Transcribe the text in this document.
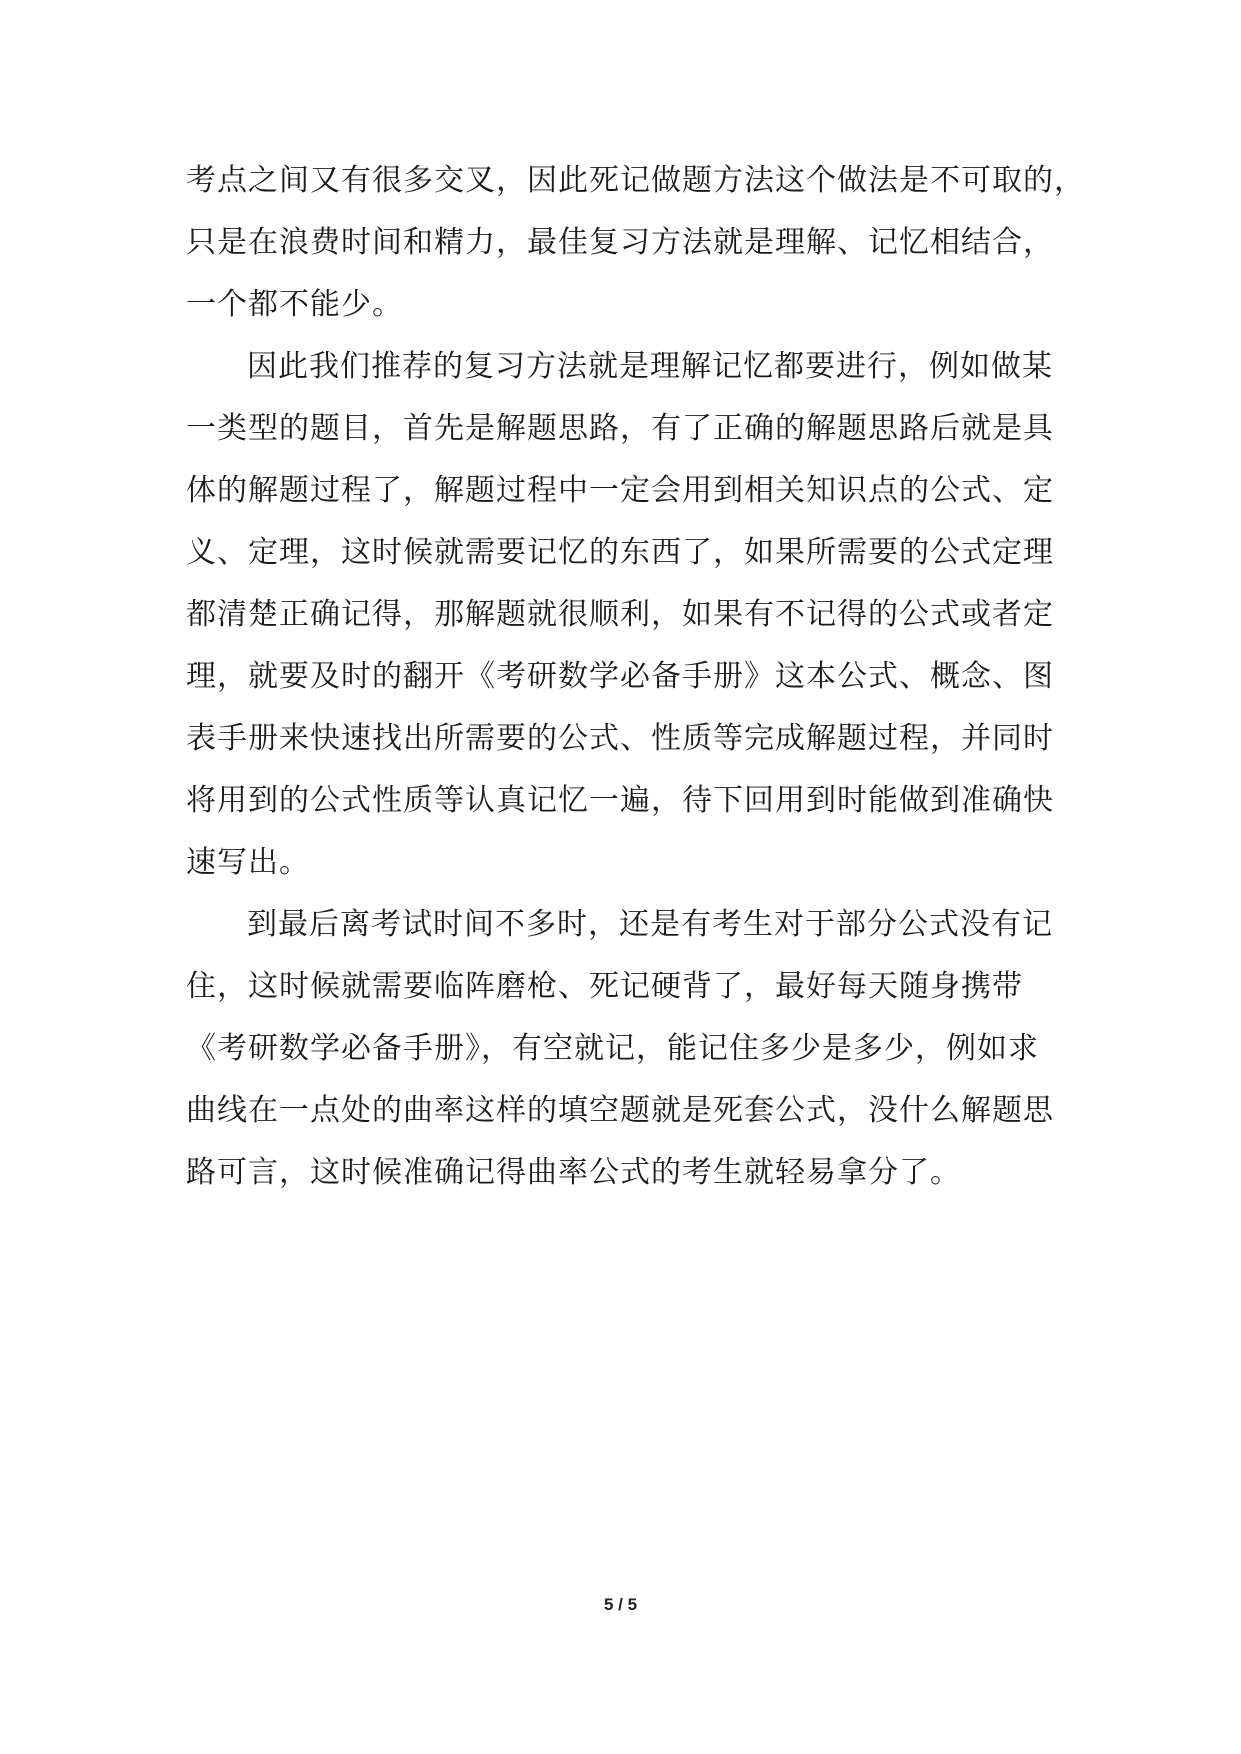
考点之间又有很多交叉，因此死记做题方法这个做法是不可取的，
只是在浪费时间和精力，最佳复习方法就是理解、记忆相结合，
一个都不能少。
因此我们推荐的复习方法就是理解记忆都要进行，例如做某
一类型的题目，首先是解题思路，有了正确的解题思路后就是具
体的解题过程了，解题过程中一定会用到相关知识点的公式、定
义、定理，这时候就需要记忆的东西了，如果所需要的公式定理
都清楚正确记得，那解题就很顺利，如果有不记得的公式或者定
理，就要及时的翻开《考研数学必备手册》这本公式、概念、图
表手册来快速找出所需要的公式、性质等完成解题过程，并同时
将用到的公式性质等认真记忆一遍，待下回用到时能做到准确快
速写出。
到最后离考试时间不多时，还是有考生对于部分公式没有记
住，这时候就需要临阵磨枪、死记硬背了，最好每天随身携带
《考研数学必备手册》，有空就记，能记住多少是多少，例如求
曲线在一点处的曲率这样的填空题就是死套公式，没什么解题思
路可言，这时候准确记得曲率公式的考生就轻易拿分了。
5 / 5
